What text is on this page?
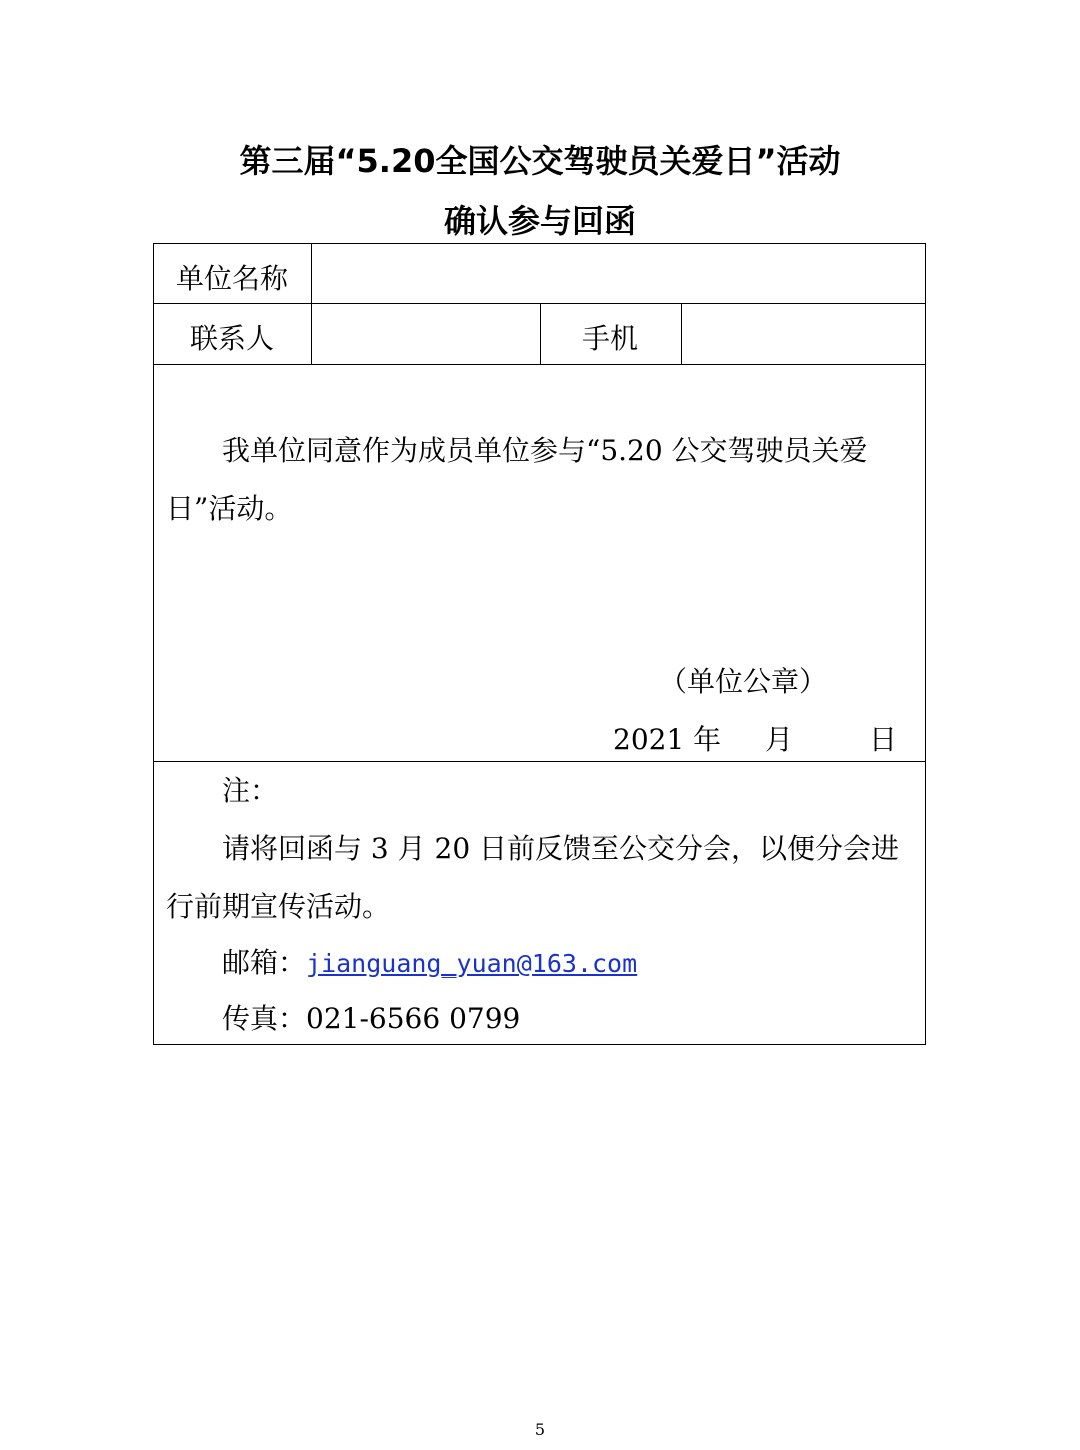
第三届“5.20全国公交驾驶员关爱日”活动
确认参与回函
单位名称
联系人	手机
我单位同意作为成员单位参与“5.20 公交驾驶员关爱
日”活动。
（单位公章）
2021 年 月	日
注：
请将回函与 3 月 20 日前反馈至公交分会，以便分会进
行前期宣传活动。
邮箱：jianguang_yuan@163.com
传真：021-6566 0799
5
